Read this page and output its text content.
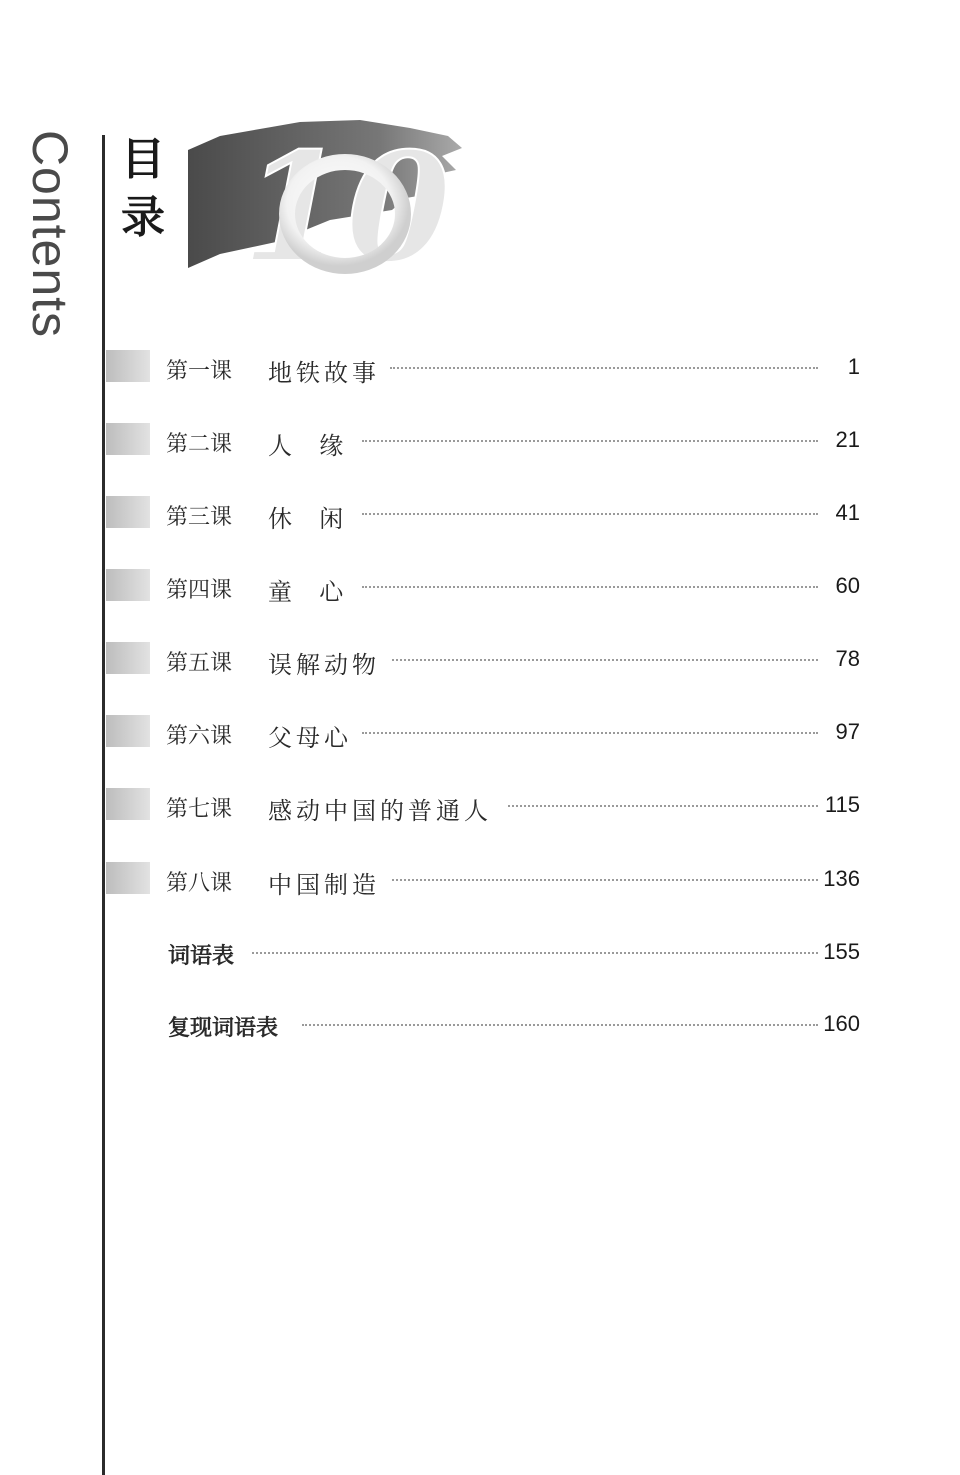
Contents 目
录 10
第一课 地铁故事	1
第二课 人  缘	21
第三课 休  闲	41
第四课 童  心	60
第五课 误解动物	78
第六课 父母心	97
第七课 感动中国的普通人	115
第八课 中国制造	136
词语表	155
复现词语表	160
